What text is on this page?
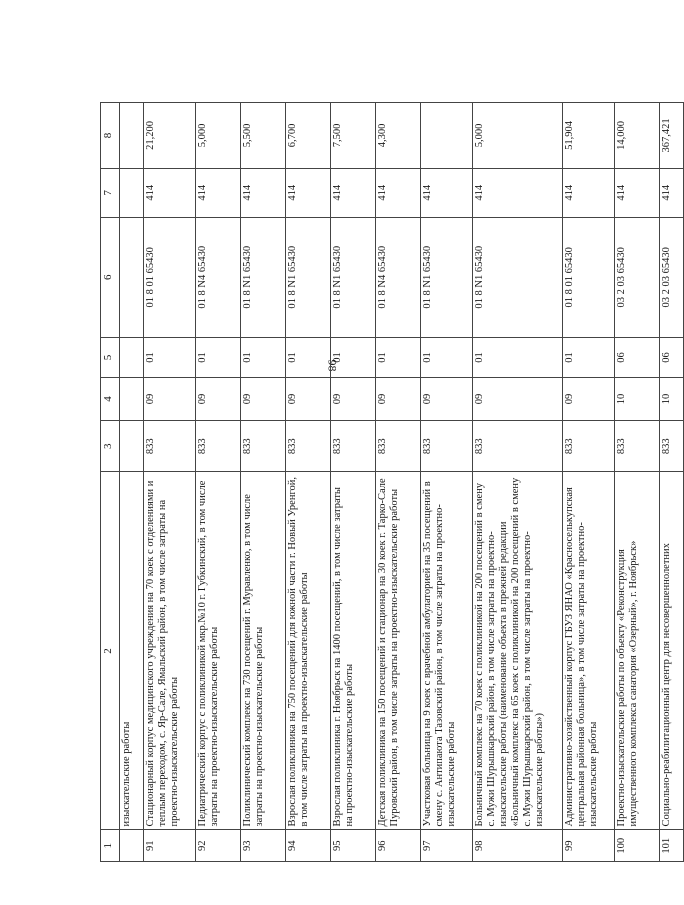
98
1	2	3	4	5	6	7	8
	изыскательские работы						
91	Стационарный корпус медицинского учреждения на 70 коек с отделениями и теплым переходом, с. Яр-Сале, Ямальский район, в том числе затраты на проектно-изыскательские работы	833	09	01	01 8 01 65430	414	21,200
92	Педиатрический корпус с поликлиникой мкр.№10 г. Губкинский, в том числе затраты на проектно-изыскательские работы	833	09	01	01 8 N4 65430	414	5,000
93	Поликлинический комплекс на 730 посещений г. Муравленко, в том числе затраты на проектно-изыскательские работы	833	09	01	01 8 N1 65430	414	5,500
94	Взрослая поликлиника на 750 посещений для южной части г. Новый Уренгой, в том числе затраты на проектно-изыскательские работы	833	09	01	01 8 N1 65430	414	6,700
95	Взрослая поликлиника г. Ноябрьск на 1400 посещений, в том числе затраты на проектно-изыскательские работы	833	09	01	01 8 N1 65430	414	7,500
96	Детская поликлиника на 150 посещений и стационар на 30 коек г. Тарко-Сале Пуровский район, в том числе затраты на проектно-изыскательские работы	833	09	01	01 8 N4 65430	414	4,300
97	Участковая больница на 9 коек с врачебной амбулаторией на 35 посещений в смену с. Антипаюта Тазовский район, в том числе затраты на проектно-изыскательские работы	833	09	01	01 8 N1 65430	414	
98	Больничный комплекс на 70 коек с поликлиникой на 200 посещений в смену с. Мужи Шурышкарский район, в том числе затраты на проектно-изыскательские работы (наименование объекта в прежней редакции «Больничный комплекс на 65 коек с поликлиникой на 200 посещений в смену с. Мужи Шурышкарский район, в том числе затраты на проектно-изыскательские работы»)	833	09	01	01 8 N1 65430	414	5,000
99	Административно-хозяйственный корпус ГБУЗ ЯНАО «Красноселькупская центральная районная больница», в том числе затраты на проектно-изыскательские работы	833	09	01	01 8 01 65430	414	51,904
100	Проектно-изыскательские работы по объекту «Реконструкция имущественного комплекса санатория «Озерный», г. Ноябрьск»	833	10	06	03 2 03 65430	414	14,000
101	Социально-реабилитационный центр для несовершеннолетних	833	10	06	03 2 03 65430	414	367,421
